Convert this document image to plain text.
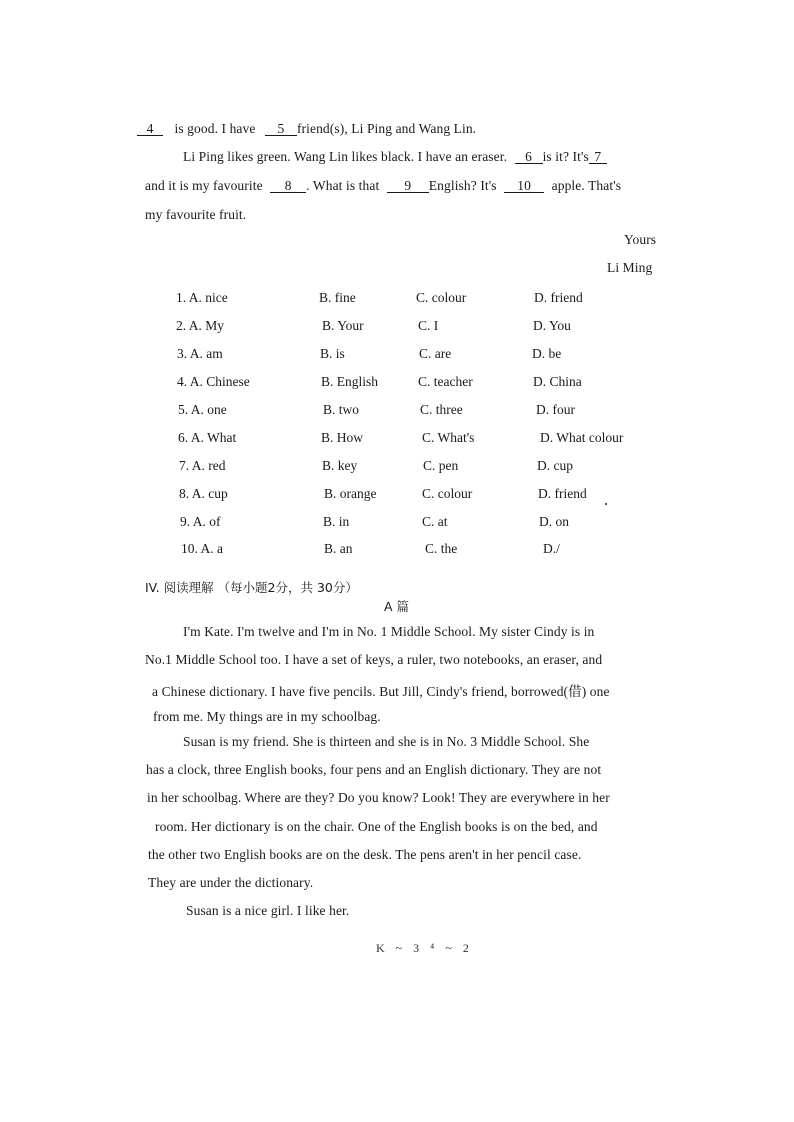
4 is good. I have 5 friend(s), Li Ping and Wang Lin.
Li Ping likes green. Wang Lin likes black. I have an eraser. 6 is it? It's 7
and it is my favourite 8 . What is that 9 English? It's 10 apple. That's
my favourite fruit.
Yours
Li Ming
1. A. nice	B. fine	C. colour	D. friend
2. A. My	B. Your	C. I	D. You
3. A. am	B. is	C. are	D. be
4. A. Chinese	B. English	C. teacher	D. China
5. A. one	B. two	C. three	D. four
6. A. What	B. How	C. What's	D. What colour
7. A. red	B. key	C. pen	D. cup
8. A. cup	B. orange	C. colour	D. friend
9. A. of	B. in	C. at	D. on
10. A. a	B. an	C. the	D./
IV. 阅读理解 （每小题2分，共 30分）
A 篇
I'm Kate. I'm twelve and I'm in No. 1 Middle School. My sister Cindy is in
No.1 Middle School too. I have a set of keys, a ruler, two notebooks, an eraser, and
a Chinese dictionary. I have five pencils. But Jill, Cindy's friend, borrowed(借) one
from me. My things are in my schoolbag.
Susan is my friend. She is thirteen and she is in No. 3 Middle School. She
has a clock, three English books, four pens and an English dictionary. They are not
in her schoolbag. Where are they? Do you know? Look! They are everywhere in her
room. Her dictionary is on the chair. One of the English books is on the bed, and
the other two English books are on the desk. The pens aren't in her pencil case.
They are under the dictionary.
Susan is a nice girl. I like her.
K ~ 3 ⁴ ~ 2
